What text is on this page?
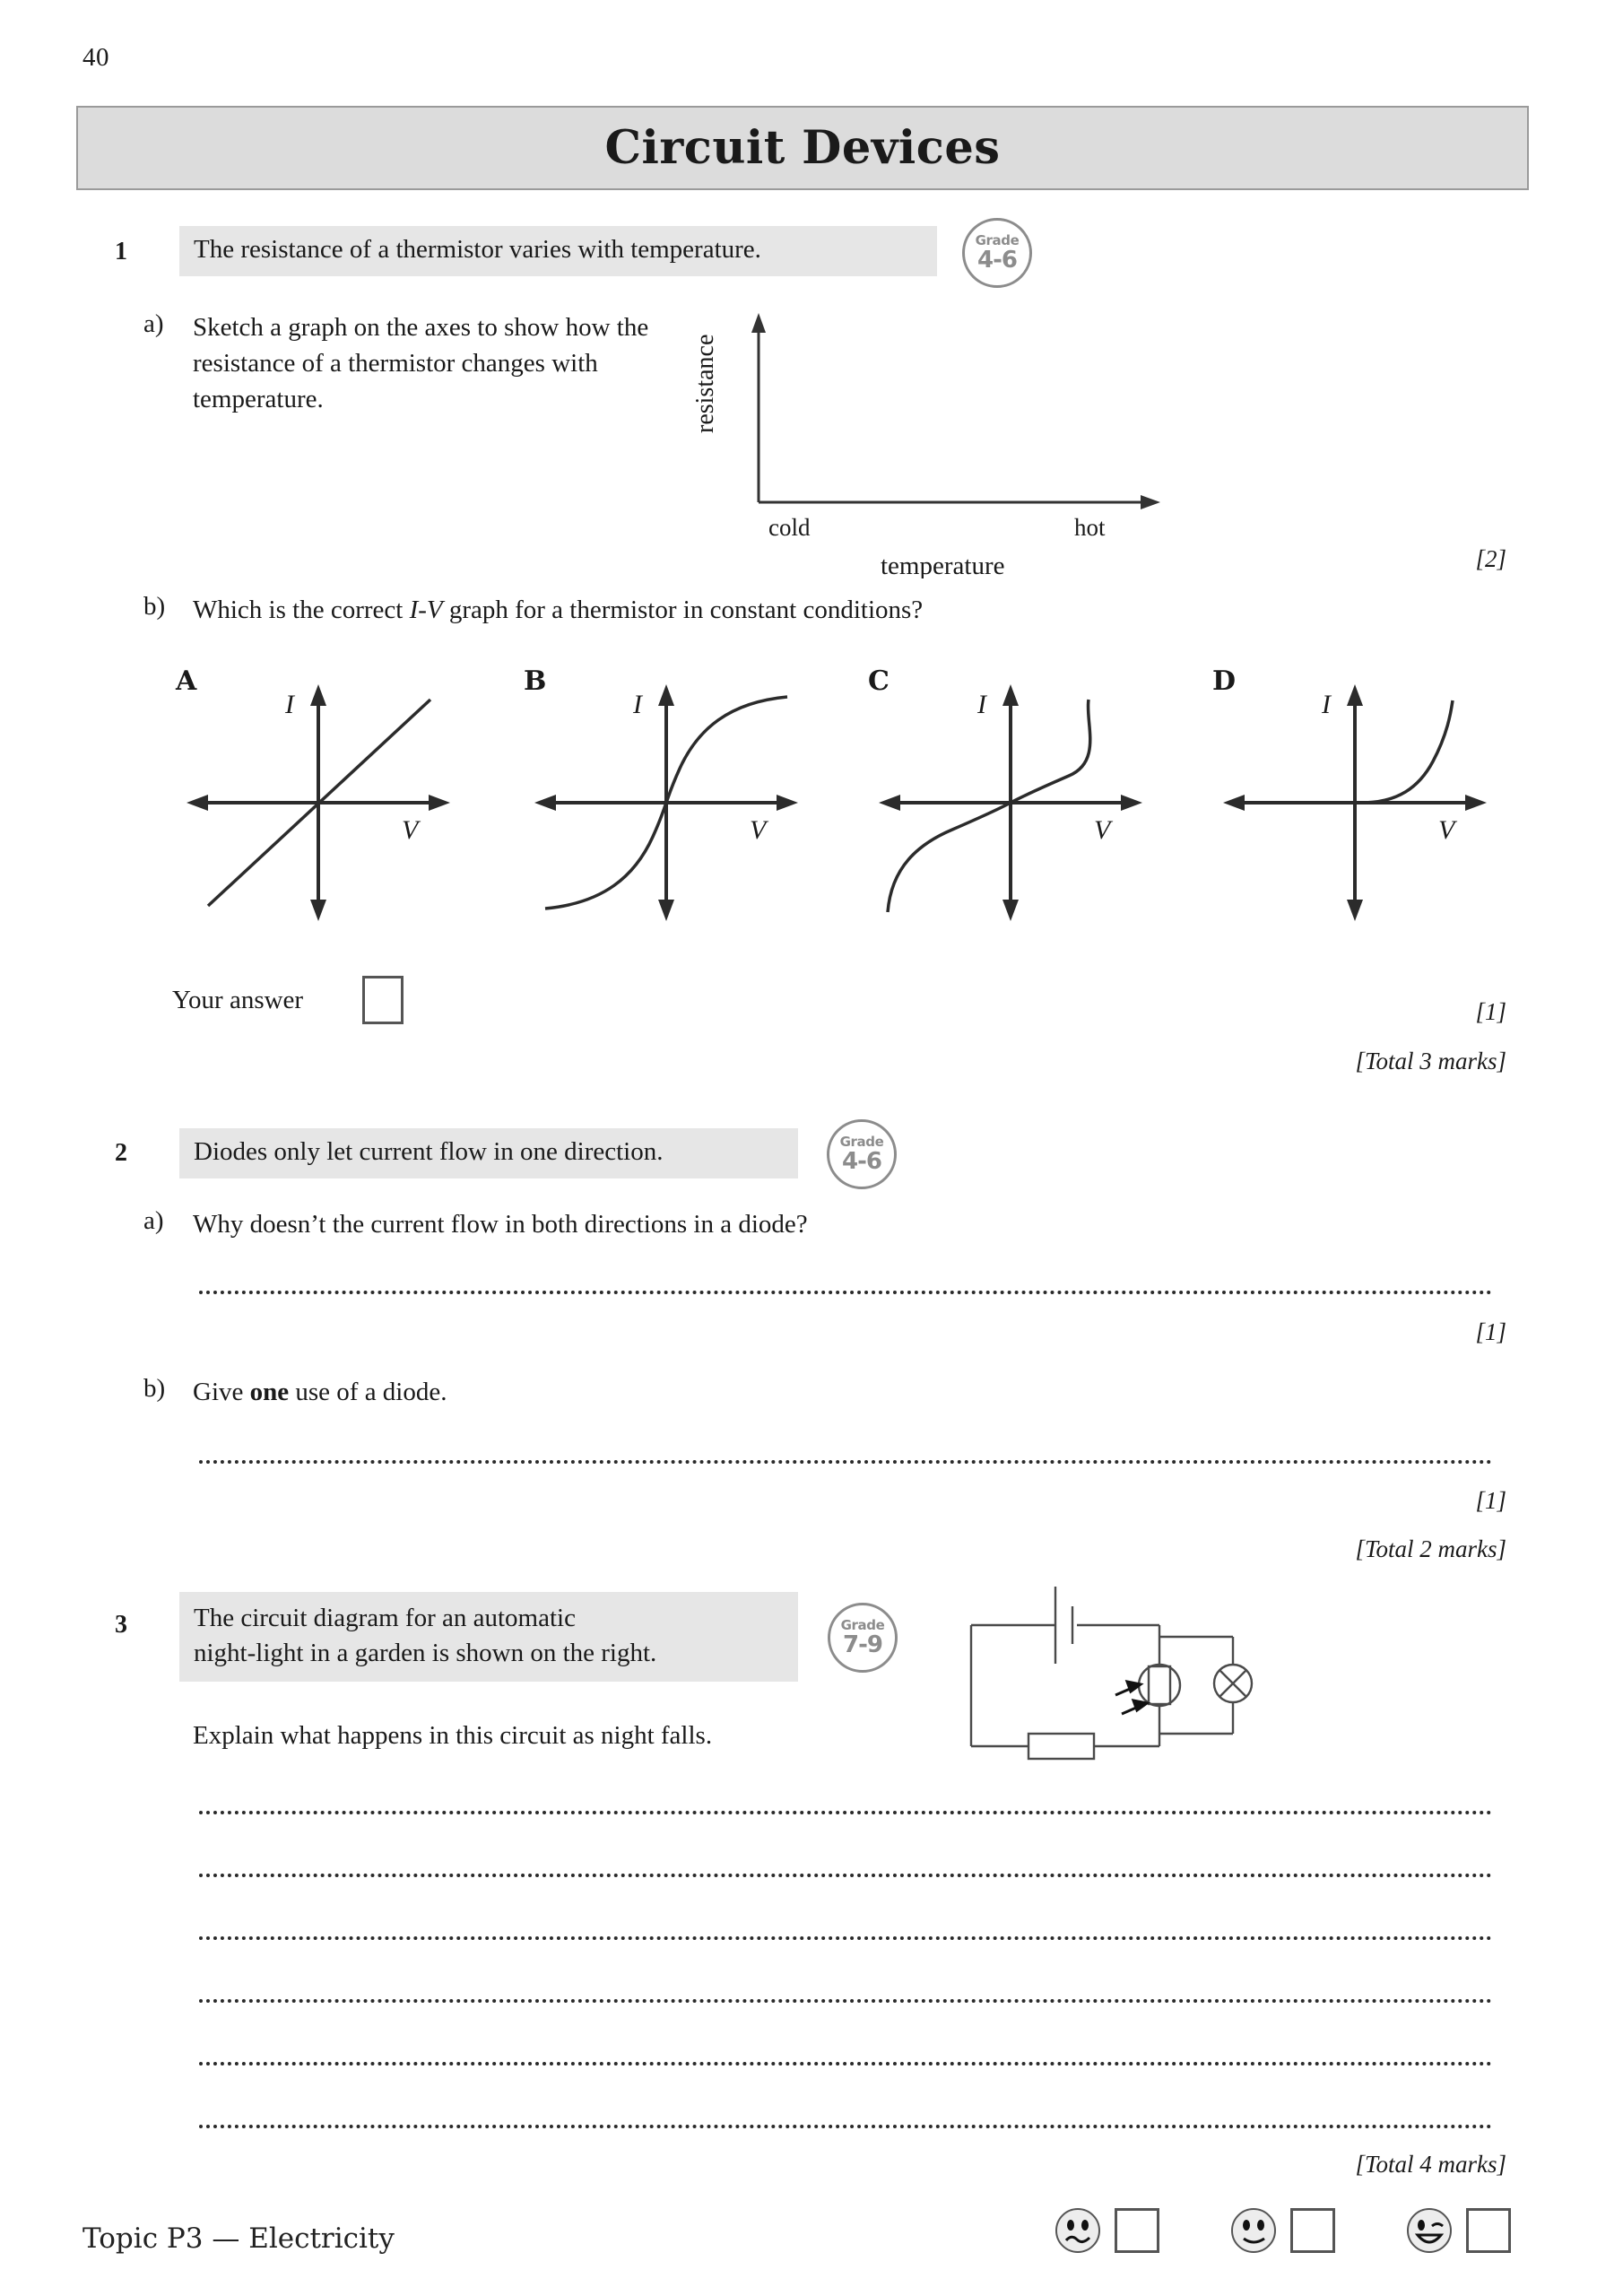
40
Circuit Devices
1	The resistance of a thermistor varies with temperature.	Grade
4-6
a) Sketch a graph on the axes to show how the resistance of a thermistor changes with temperature.	resistance
cold	hot
temperature	[2]
b) Which is the correct I-V graph for a thermistor in constant conditions?
A
I
V
B
I
V
C
I
V
D
I
V
Your answer	[1]
[Total 3 marks]
2	Diodes only let current flow in one direction.	Grade
4-6
a) Why doesn’t the current flow in both directions in a diode?
[1]
b) Give one use of a diode.
[1]
[Total 2 marks]
3	The circuit diagram for an automatic
night-light in a garden is shown on the right.
Grade
7-9
Explain what happens in this circuit as night falls.
[Total 4 marks]
Topic P3 — Electricity
